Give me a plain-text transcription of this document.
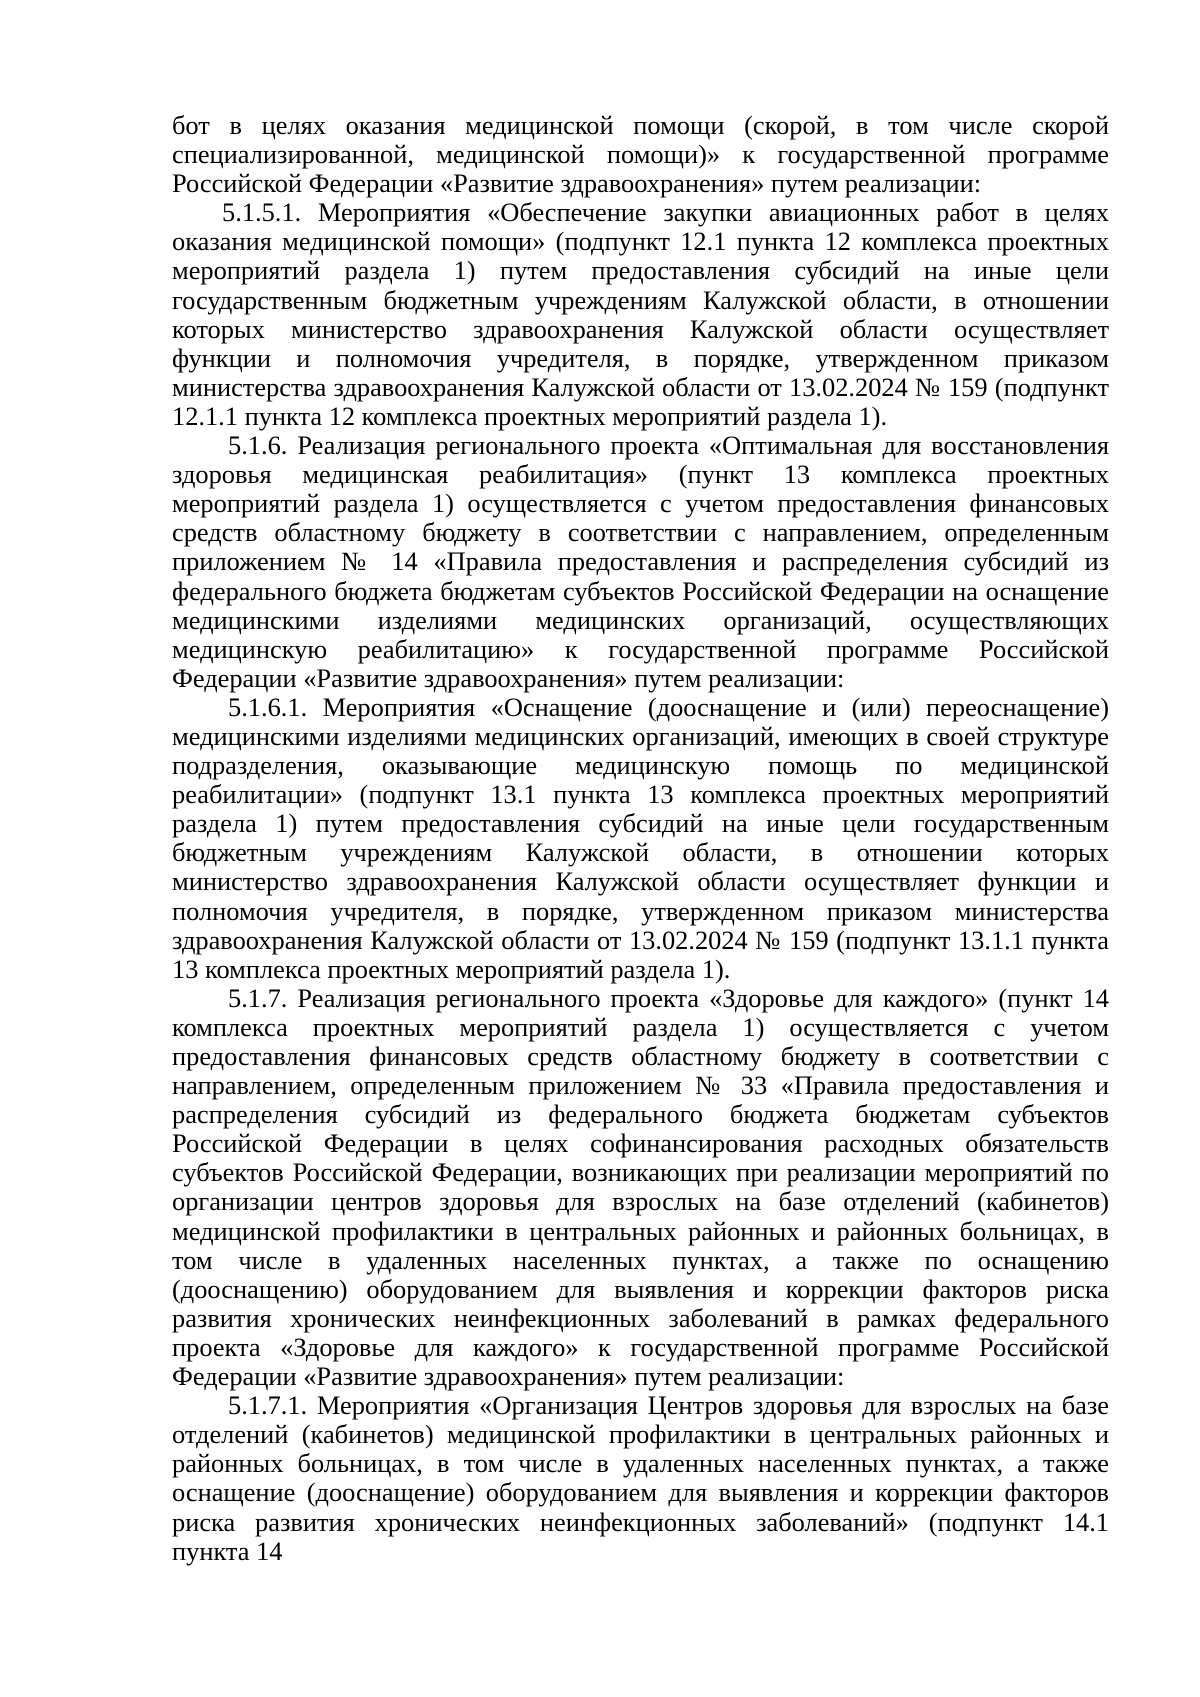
бот в целях оказания медицинской помощи (скорой, в том числе скорой специализированной, медицинской помощи)» к государственной программе Российской Федерации «Развитие здравоохранения» путем реализации:

5.1.5.1. Мероприятия «Обеспечение закупки авиационных работ в целях оказания медицинской помощи» (подпункт 12.1 пункта 12 комплекса проектных мероприятий раздела 1) путем предоставления субсидий на иные цели государственным бюджетным учреждениям Калужской области, в отношении которых министерство здравоохранения Калужской области осуществляет функции и полномочия учредителя, в порядке, утвержденном приказом министерства здравоохранения Калужской области от 13.02.2024 № 159 (подпункт 12.1.1 пункта 12 комплекса проектных мероприятий раздела 1).

5.1.6. Реализация регионального проекта «Оптимальная для восстановления здоровья медицинская реабилитация» (пункт 13 комплекса проектных мероприятий раздела 1) осуществляется с учетом предоставления финансовых средств областному бюджету в соответствии с направлением, определенным приложением № 14 «Правила предоставления и распределения субсидий из федерального бюджета бюджетам субъектов Российской Федерации на оснащение медицинскими изделиями медицинских организаций, осуществляющих медицинскую реабилитацию» к государственной программе Российской Федерации «Развитие здравоохранения» путем реализации:

5.1.6.1. Мероприятия «Оснащение (дооснащение и (или) переоснащение) медицинскими изделиями медицинских организаций, имеющих в своей структуре подразделения, оказывающие медицинскую помощь по медицинской реабилитации» (подпункт 13.1 пункта 13 комплекса проектных мероприятий раздела 1) путем предоставления субсидий на иные цели государственным бюджетным учреждениям Калужской области, в отношении которых министерство здравоохранения Калужской области осуществляет функции и полномочия учредителя, в порядке, утвержденном приказом министерства здравоохранения Калужской области от 13.02.2024 № 159 (подпункт 13.1.1 пункта 13 комплекса проектных мероприятий раздела 1).

5.1.7. Реализация регионального проекта «Здоровье для каждого» (пункт 14 комплекса проектных мероприятий раздела 1) осуществляется с учетом предоставления финансовых средств областному бюджету в соответствии с направлением, определенным приложением № 33 «Правила предоставления и распределения субсидий из федерального бюджета бюджетам субъектов Российской Федерации в целях софинансирования расходных обязательств субъектов Российской Федерации, возникающих при реализации мероприятий по организации центров здоровья для взрослых на базе отделений (кабинетов) медицинской профилактики в центральных районных и районных больницах, в том числе в удаленных населенных пунктах, а также по оснащению (дооснащению) оборудованием для выявления и коррекции факторов риска развития хронических неинфекционных заболеваний в рамках федерального проекта «Здоровье для каждого» к государственной программе Российской Федерации «Развитие здравоохранения» путем реализации:

5.1.7.1. Мероприятия «Организация Центров здоровья для взрослых на базе отделений (кабинетов) медицинской профилактики в центральных районных и районных больницах, в том числе в удаленных населенных пунктах, а также оснащение (дооснащение) оборудованием для выявления и коррекции факторов риска развития хронических неинфекционных заболеваний» (подпункт 14.1 пункта 14
